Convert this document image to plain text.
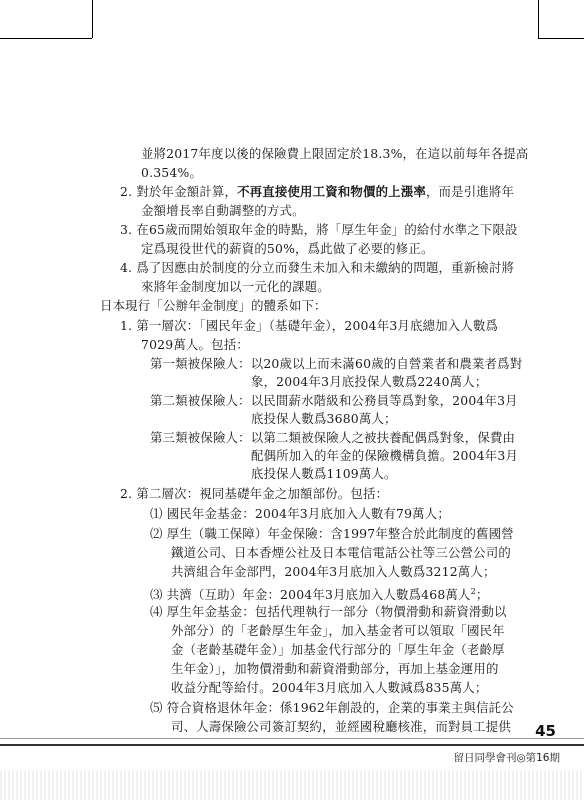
並將2017年度以後的保險費上限固定於18.3%，在這以前每年各提高
0.354%。
2. 對於年金額計算，不再直接使用工資和物價的上漲率，而是引進將年
金額增長率自動調整的方式。
3. 在65歲而開始領取年金的時點，將「厚生年金」的給付水準之下限設
定爲現役世代的薪資的50%，爲此做了必要的修正。
4. 爲了因應由於制度的分立而發生未加入和未繳納的問題，重新檢討將
來將年金制度加以一元化的課題。
日本現行「公辦年金制度」的體系如下：
1. 第一層次：「國民年金」（基礎年金），2004年3月底總加入人數爲
7029萬人。包括：
第一類被保險人：以20歲以上而未滿60歲的自營業者和農業者爲對
象，2004年3月底投保人數爲2240萬人；
第二類被保險人：以民間薪水階級和公務員等爲對象，2004年3月
底投保人數爲3680萬人；
第三類被保險人：以第二類被保險人之被扶養配偶爲對象，保費由
配偶所加入的年金的保險機構負擔。2004年3月
底投保人數爲1109萬人。
2. 第二層次：視同基礎年金之加額部份。包括：
⑴ 國民年金基金：2004年3月底加入人數有79萬人；
⑵ 厚生（職工保障）年金保險：含1997年整合於此制度的舊國營
鐵道公司、日本香煙公社及日本電信電話公社等三公營公司的
共濟組合年金部門，2004年3月底加入人數爲3212萬人；
⑶ 共濟（互助）年金：2004年3月底加入人數爲468萬人$^2$；
⑷ 厚生年金基金：包括代理執行一部分（物價滑動和薪資滑動以
外部分）的「老齡厚生年金」，加入基金者可以領取「國民年
金（老齡基礎年金）」加基金代行部分的「厚生年金（老齡厚
生年金）」，加物價滑動和薪資滑動部分，再加上基金運用的
收益分配等給付。2004年3月底加入人數減爲835萬人；
⑸ 符合資格退休年金：係1962年創設的，企業的事業主與信託公
司、人壽保險公司簽訂契約，並經國稅廳核准，而對員工提供 45
留日同學會刊◎第16期
